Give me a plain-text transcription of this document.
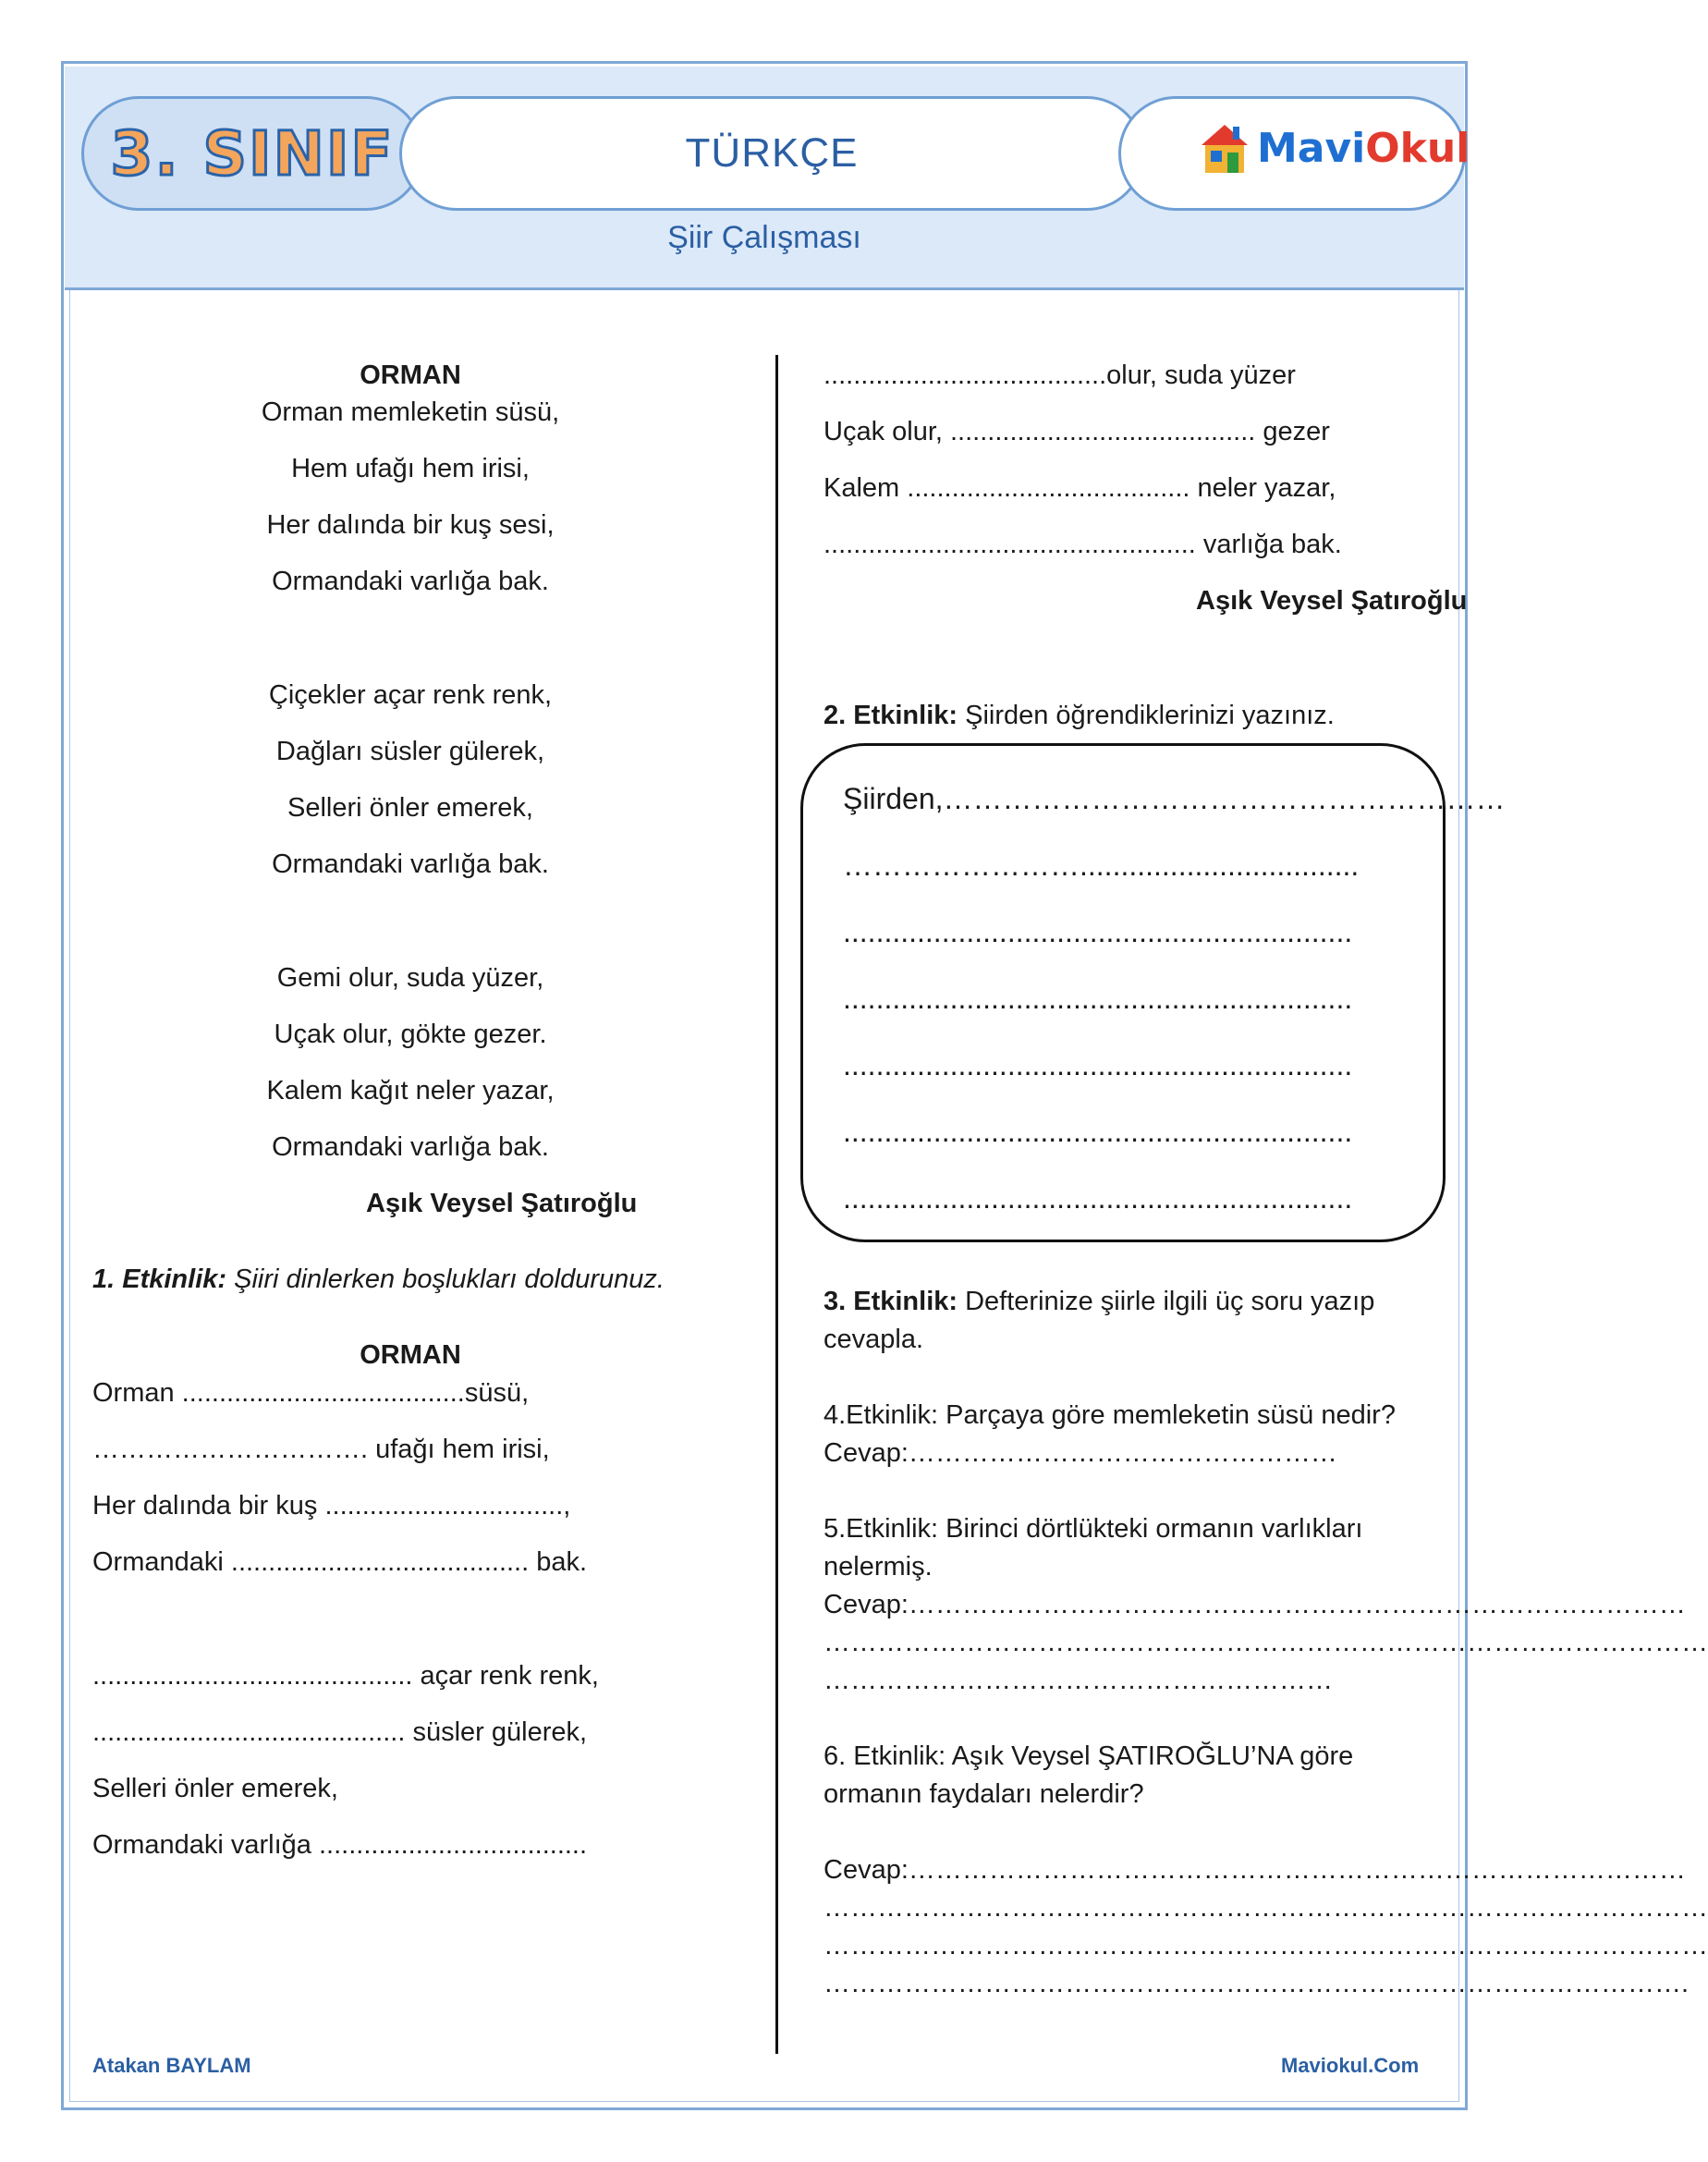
3. SINIF	TÜRKÇE	MaviOkul
Şiir Çalışması
ORMAN
Orman memleketin süsü,
Hem ufağı hem irisi,
Her dalında bir kuş sesi,
Ormandaki varlığa bak.
Çiçekler açar renk renk,
Dağları süsler gülerek,
Selleri önler emerek,
Ormandaki varlığa bak.
Gemi olur, suda yüzer,
Uçak olur, gökte gezer.
Kalem kağıt neler yazar,
Ormandaki varlığa bak.
Aşık Veysel Şatıroğlu
1. Etkinlik: Şiiri dinlerken boşlukları doldurunuz.
ORMAN
Orman ......................................süsü,
…………………………. ufağı hem irisi,
Her dalında bir kuş ................................,
Ormandaki ........................................ bak.
........................................... açar renk renk,
.......................................... süsler gülerek,
Selleri önler emerek,
Ormandaki varlığa ....................................
......................................olur, suda yüzer
Uçak olur, ......................................... gezer
Kalem ...................................... neler yazar,
.................................................. varlığa bak.
Aşık Veysel Şatıroğlu
2. Etkinlik: Şiirden öğrendiklerinizi yazınız.
Şiirden,…………………………………………………
……………………..................................
..............................................................
..............................................................
..............................................................
..............................................................
..............................................................
3. Etkinlik: Defterinize şiirle ilgili üç soru yazıp
cevapla.
4.Etkinlik: Parçaya göre memleketin süsü nedir?
Cevap:…………………………………………
5.Etkinlik: Birinci dörtlükteki ormanın varlıkları
nelermiş.
Cevap:……………………………………………………………………………
………………………………………………………………………………………
…………………………………………………
6. Etkinlik: Aşık Veysel ŞATIROĞLU’NA göre
ormanın faydaları nelerdir?
Cevap:……………………………………………………………………………
………………………………………………………………………………………
………………………………………………………………………………………
…………………………………………………………………………………….
Atakan BAYLAM	Maviokul.Com
